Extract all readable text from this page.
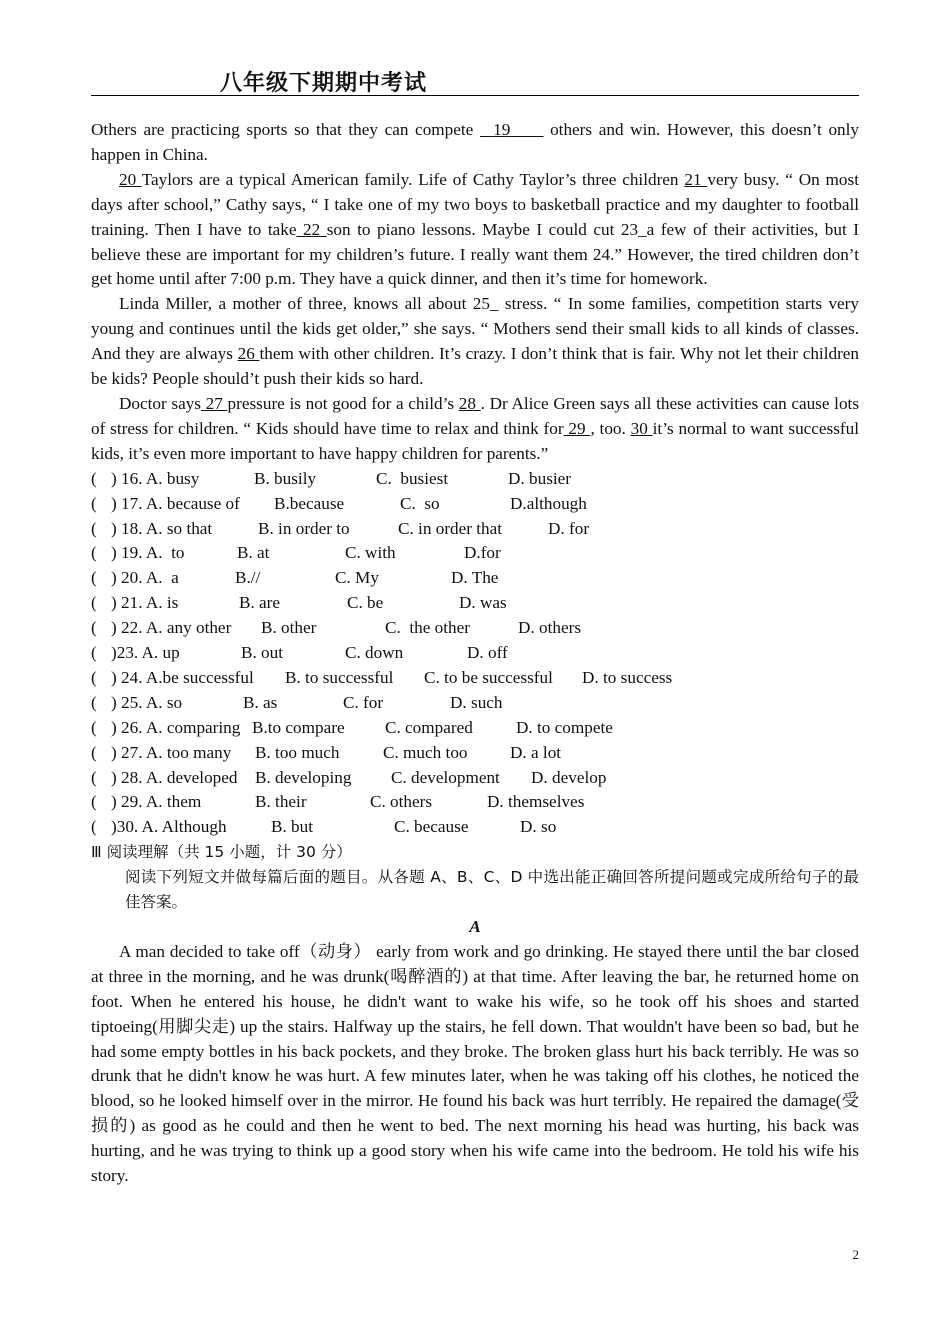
八年级下期期中考试

Others are practicing sports so that they can compete   19      others and win. However, this doesn’t only happen in China.

20 Taylors are a typical American family. Life of Cathy Taylor’s three children 21 very busy. “ On most days after school,” Cathy says, “ I take one of my two boys to basketball practice and my daughter to football training. Then I have to take 22 son to piano lessons. Maybe I could cut 23_a few of their activities, but I believe these are important for my children’s future. I really want them 24.” However, the tired children don’t get home until after 7:00 p.m. They have a quick dinner, and then it’s time for homework.

Linda Miller, a mother of three, knows all about 25_ stress. “ In some families, competition starts very young and continues until the kids get older,” she says. “ Mothers send their small kids to all kinds of classes. And they are always 26 them with other children. It’s crazy. I don’t think that is fair. Why not let their children be kids? People should’t push their kids so hard.

Doctor says 27 pressure is not good for a child’s 28 . Dr Alice Green says all these activities can cause lots of stress for children. “ Kids should have time to relax and think for 29 , too. 30 it’s normal to want successful kids, it’s even more important to have happy children for parents.”

( ) 16. A. busy	B. busily	C.  busiest	D. busier

( ) 17. A. because of B.because	C.  so	D.although

( ) 18. A. so that	B. in order to	C. in order that	D. for

( ) 19. A.  to	B. at	C. with	D.for

( ) 20. A.  a	B.//	C. My	D. The

( ) 21. A. is	B. are	C. be	D. was

( ) 22. A. any other B. other	C.  the other	D. others

( )23. A. up	B. out	C. down	D. off

( ) 24. A.be successful B. to successful C. to be successful D. to success

( ) 25. A. so	B. as	C. for	D. such

( ) 26. A. comparing B.to compare C. compared	D. to compete

( ) 27. A. too many B. too much	C. much too D. a lot

( ) 28. A. developed B. developing C. development D. develop

( ) 29. A. them	B. their	C. others	D. themselves

( )30. A. Although	B. but	C. because	D. so

Ⅲ 阅读理解（共 15 小题，计 30 分）

阅读下列短文并做每篇后面的题目。从各题 A、B、C、D 中选出能正确回答所提问题或完成所给句子的最佳答案。

A

A man decided to take off（动身） early from work and go drinking. He stayed there until the bar closed at three in the morning, and he was drunk(喝醉酒的) at that time. After leaving the bar, he returned home on foot. When he entered his house, he didn't want to wake his wife, so he took off his shoes and started tiptoeing(用脚尖走) up the stairs. Halfway up the stairs, he fell down. That wouldn't have been so bad, but he had some empty bottles in his back pockets, and they broke. The broken glass hurt his back terribly. He was so drunk that he didn't know he was hurt. A few minutes later, when he was taking off his clothes, he noticed the blood, so he looked himself over in the mirror. He found his back was hurt terribly. He repaired the damage(受损的) as good as he could and then he went to bed. The next morning his head was hurting, his back was hurting, and he was trying to think up a good story when his wife came into the bedroom. He told his wife his story.

2
